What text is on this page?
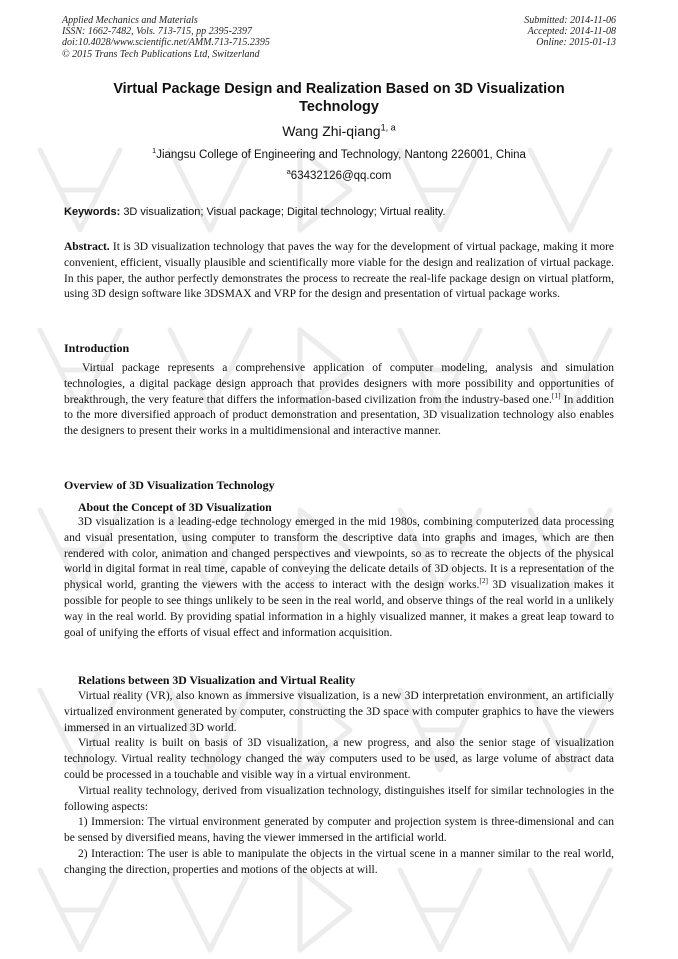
Applied Mechanics and Materials
ISSN: 1662-7482, Vols. 713-715, pp 2395-2397
doi:10.4028/www.scientific.net/AMM.713-715.2395
© 2015 Trans Tech Publications Ltd, Switzerland
Submitted: 2014-11-06
Accepted: 2014-11-08
Online: 2015-01-13
Virtual Package Design and Realization Based on 3D Visualization
Technology
Wang Zhi-qiang$^{1, a}$
$^1$Jiangsu College of Engineering and Technology, Nantong 226001, China
$^a$63432126@qq.com
Keywords: 3D visualization; Visual package; Digital technology; Virtual reality.
Abstract. It is 3D visualization technology that paves the way for the development of virtual package, making it more convenient, efficient, visually plausible and scientifically more viable for the design and realization of virtual package. In this paper, the author perfectly demonstrates the process to recreate the real-life package design on virtual platform, using 3D design software like 3DSMAX and VRP for the design and presentation of virtual package works.
Introduction
Virtual package represents a comprehensive application of computer modeling, analysis and simulation technologies, a digital package design approach that provides designers with more possibility and opportunities of breakthrough, the very feature that differs the information-based civilization from the industry-based one.[1] In addition to the more diversified approach of product demonstration and presentation, 3D visualization technology also enables the designers to present their works in a multidimensional and interactive manner.
Overview of 3D Visualization Technology
About the Concept of 3D Visualization
3D visualization is a leading-edge technology emerged in the mid 1980s, combining computerized data processing and visual presentation, using computer to transform the descriptive data into graphs and images, which are then rendered with color, animation and changed perspectives and viewpoints, so as to recreate the objects of the physical world in digital format in real time, capable of conveying the delicate details of 3D objects. It is a representation of the physical world, granting the viewers with the access to interact with the design works.[2] 3D visualization makes it possible for people to see things unlikely to be seen in the real world, and observe things of the real world in a unlikely way in the real world. By providing spatial information in a highly visualized manner, it makes a great leap toward to goal of unifying the efforts of visual effect and information acquisition.
Relations between 3D Visualization and Virtual Reality

Virtual reality (VR), also known as immersive visualization, is a new 3D interpretation environment, an artificially virtualized environment generated by computer, constructing the 3D space with computer graphics to have the viewers immersed in an virtualized 3D world.

Virtual reality is built on basis of 3D visualization, a new progress, and also the senior stage of visualization technology. Virtual reality technology changed the way computers used to be used, as large volume of abstract data could be processed in a touchable and visible way in a virtual environment.

Virtual reality technology, derived from visualization technology, distinguishes itself for similar technologies in the following aspects:

1) Immersion: The virtual environment generated by computer and projection system is three-dimensional and can be sensed by diversified means, having the viewer immersed in the artificial world.

2) Interaction: The user is able to manipulate the objects in the virtual scene in a manner similar to the real world, changing the direction, properties and motions of the objects at will.
